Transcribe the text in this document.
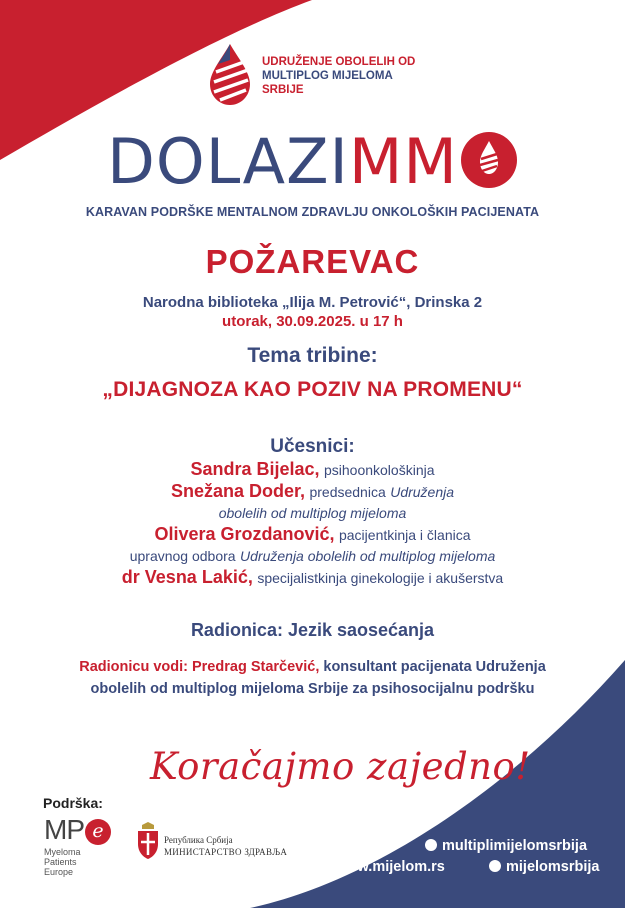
UDRUŽENJE OBOLELIH OD
MULTIPLOG MIJELOMA
SRBIJE
DOLAZIMM
KARAVAN PODRŠKE MENTALNOM ZDRAVLJU ONKOLOŠKIH PACIJENATA
POŽAREVAC
Narodna biblioteka „Ilija M. Petrović“, Drinska 2
utorak, 30.09.2025. u 17 h
Tema tribine:
„DIJAGNOZA KAO POZIV NA PROMENU“
Učesnici:
Sandra Bijelac, psihoonkološkinja
Snežana Doder, predsednica Udruženja
obolelih od multiplog mijeloma
Olivera Grozdanović, pacijentkinja i članica
upravnog odbora Udruženja obolelih od multiplog mijeloma
dr Vesna Lakić, specijalistkinja ginekologije i akušerstva
Radionica: Jezik saosećanja
Radionicu vodi: Predrag Starčević, konsultant pacijenata Udruženja
obolelih od multiplog mijeloma Srbije za psihosocijalnu podršku
Koračajmo zajedno!
Podrška:
MP e
Myeloma
Patients
Europe
Република Србија
МИНИСТАРСТВО ЗДРАВЉА	multiplimijelomsrbija
www.mijelom.rs	mijelomsrbija
